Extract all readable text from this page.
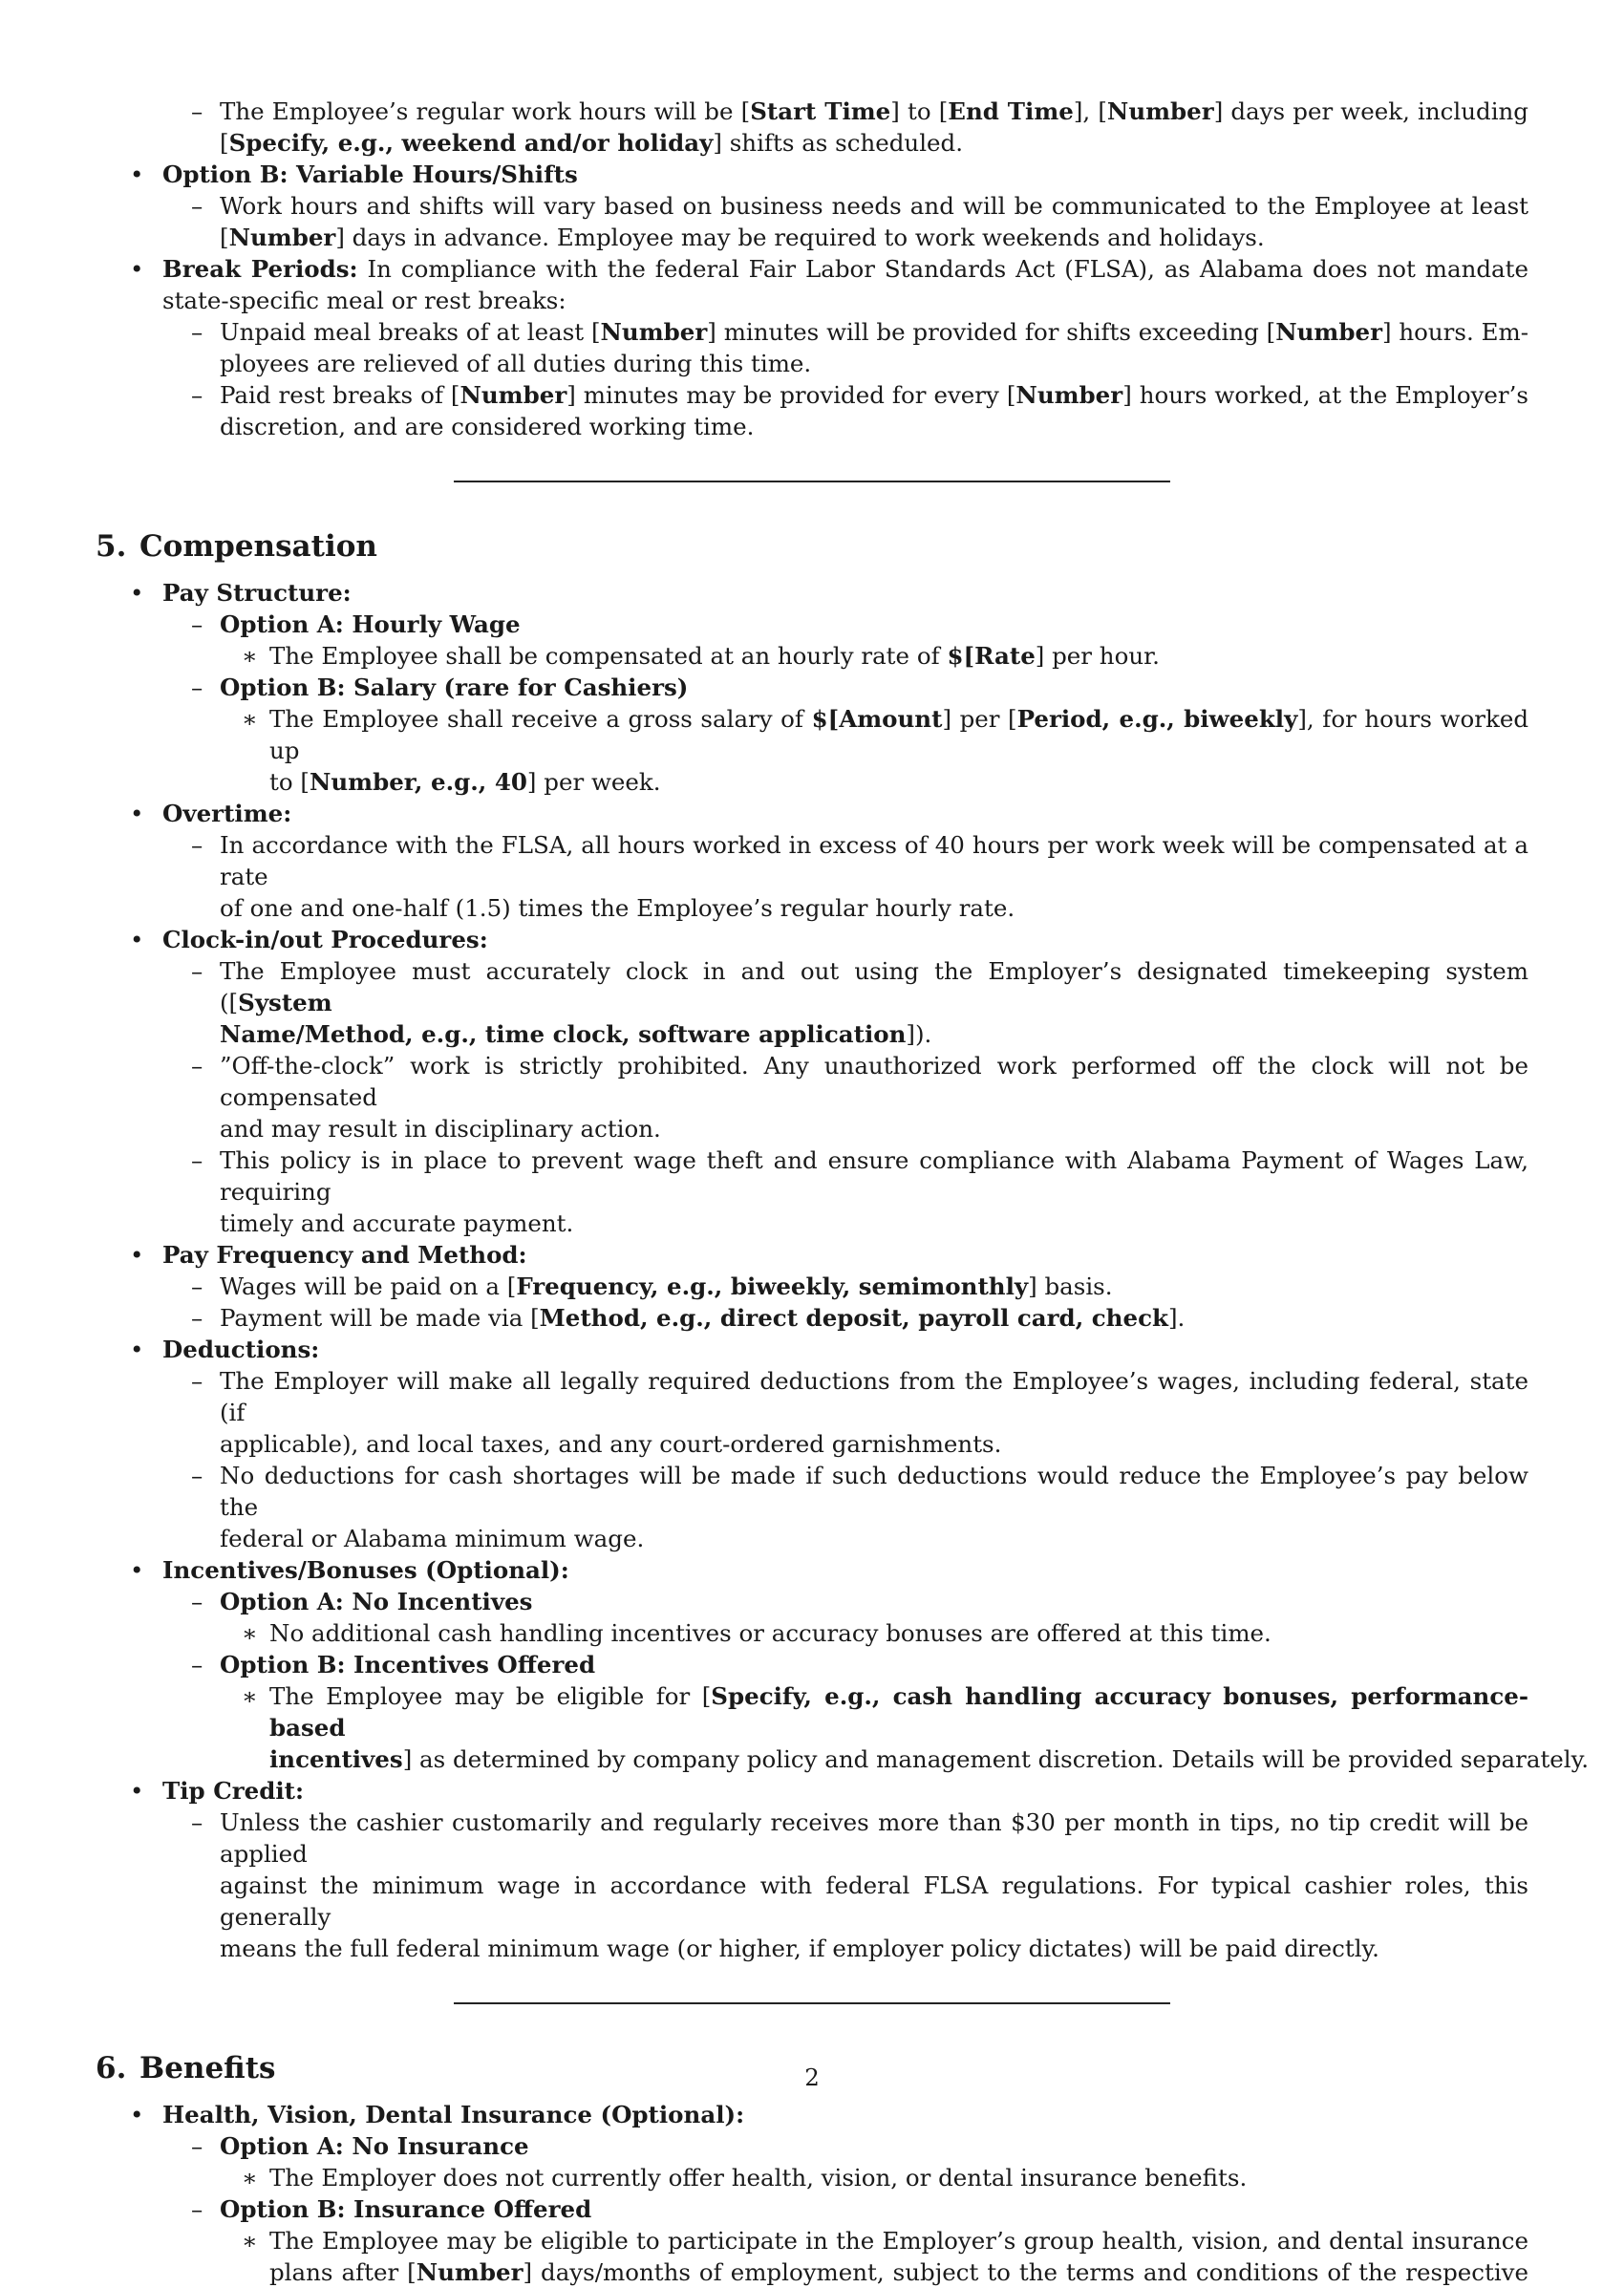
– The Employee’s regular work hours will be [Start Time] to [End Time], [Number] days per week, including
[Specify, e.g., weekend and/or holiday] shifts as scheduled.
• Option B: Variable Hours/Shifts
– Work hours and shifts will vary based on business needs and will be communicated to the Employee at least
[Number] days in advance. Employee may be required to work weekends and holidays.
• Break Periods: In compliance with the federal Fair Labor Standards Act (FLSA), as Alabama does not mandate
state-specific meal or rest breaks:
– Unpaid meal breaks of at least [Number] minutes will be provided for shifts exceeding [Number] hours. Em-
ployees are relieved of all duties during this time.
– Paid rest breaks of [Number] minutes may be provided for every [Number] hours worked, at the Employer’s
discretion, and are considered working time.
5. Compensation
• Pay Structure:
– Option A: Hourly Wage
∗ The Employee shall be compensated at an hourly rate of $[Rate] per hour.
– Option B: Salary (rare for Cashiers)
∗ The Employee shall receive a gross salary of $[Amount] per [Period, e.g., biweekly], for hours worked up
to [Number, e.g., 40] per week.
• Overtime:
– In accordance with the FLSA, all hours worked in excess of 40 hours per work week will be compensated at a rate
of one and one-half (1.5) times the Employee’s regular hourly rate.
• Clock-in/out Procedures:
– The Employee must accurately clock in and out using the Employer’s designated timekeeping system ([System
Name/Method, e.g., time clock, software application]).
– ”Off-the-clock” work is strictly prohibited. Any unauthorized work performed off the clock will not be compensated
and may result in disciplinary action.
– This policy is in place to prevent wage theft and ensure compliance with Alabama Payment of Wages Law, requiring
timely and accurate payment.
• Pay Frequency and Method:
– Wages will be paid on a [Frequency, e.g., biweekly, semimonthly] basis.
– Payment will be made via [Method, e.g., direct deposit, payroll card, check].
• Deductions:
– The Employer will make all legally required deductions from the Employee’s wages, including federal, state (if
applicable), and local taxes, and any court-ordered garnishments.
– No deductions for cash shortages will be made if such deductions would reduce the Employee’s pay below the
federal or Alabama minimum wage.
• Incentives/Bonuses (Optional):
– Option A: No Incentives
∗ No additional cash handling incentives or accuracy bonuses are offered at this time.
– Option B: Incentives Offered
∗ The Employee may be eligible for [Specify, e.g., cash handling accuracy bonuses, performance-based
incentives] as determined by company policy and management discretion. Details will be provided separately.
• Tip Credit:
– Unless the cashier customarily and regularly receives more than $30 per month in tips, no tip credit will be applied
against the minimum wage in accordance with federal FLSA regulations. For typical cashier roles, this generally
means the full federal minimum wage (or higher, if employer policy dictates) will be paid directly.
6. Benefits
• Health, Vision, Dental Insurance (Optional):
– Option A: No Insurance
∗ The Employer does not currently offer health, vision, or dental insurance benefits.
– Option B: Insurance Offered
∗ The Employee may be eligible to participate in the Employer’s group health, vision, and dental insurance
plans after [Number] days/months of employment, subject to the terms and conditions of the respective
2
